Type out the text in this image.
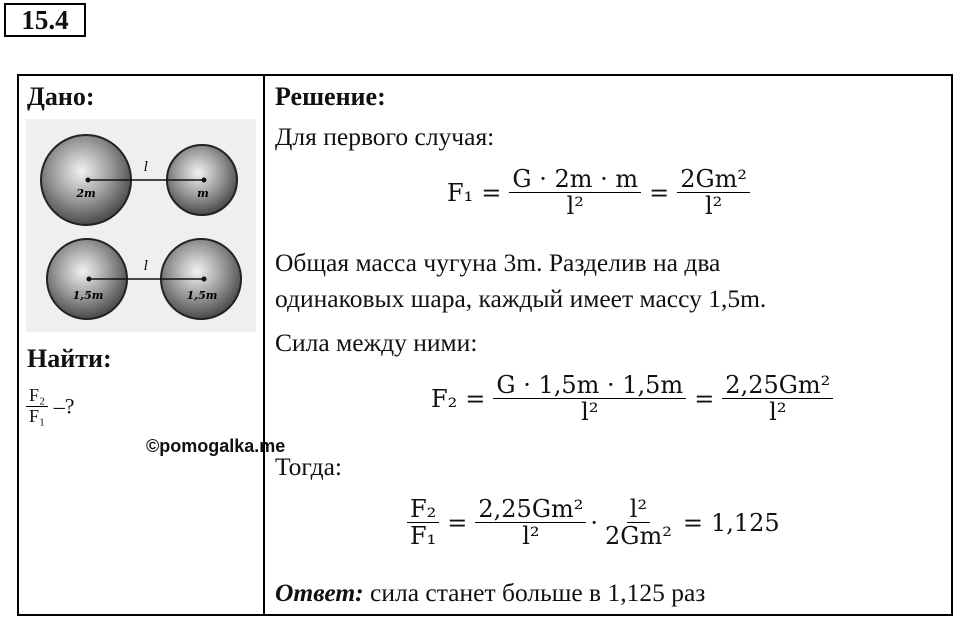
15.4
Дано:
l
2m	m
l
1,5m	1,5m
Найти:
$\frac{\text{F₂}}{\text{F₁}}$ –?
Решение:
Для первого случая:
$F_1 = \frac{G \cdot 2m \cdot m}{\text{l²}} = \frac{\text{2Gm²}}{\text{l²}}$
Общая масса чугуна 3m. Разделив на два
одинаковых шара, каждый имеет массу 1,5m.
Сила между ними:
$F_2 = \frac{G \cdot 1,5m \cdot 1,5m}{\text{l²}} = \frac{\text{2,25Gm²}}{\text{l²}}$
Тогда:
$\frac{\text{F₂}}{\text{F₁}} = \frac{\text{2,25Gm²}}{\text{l²}} \cdot \frac{\text{l²}}{\text{2Gm²}} = 1,125$
Ответ: сила станет больше в 1,125 раз
©pomogalka.me
